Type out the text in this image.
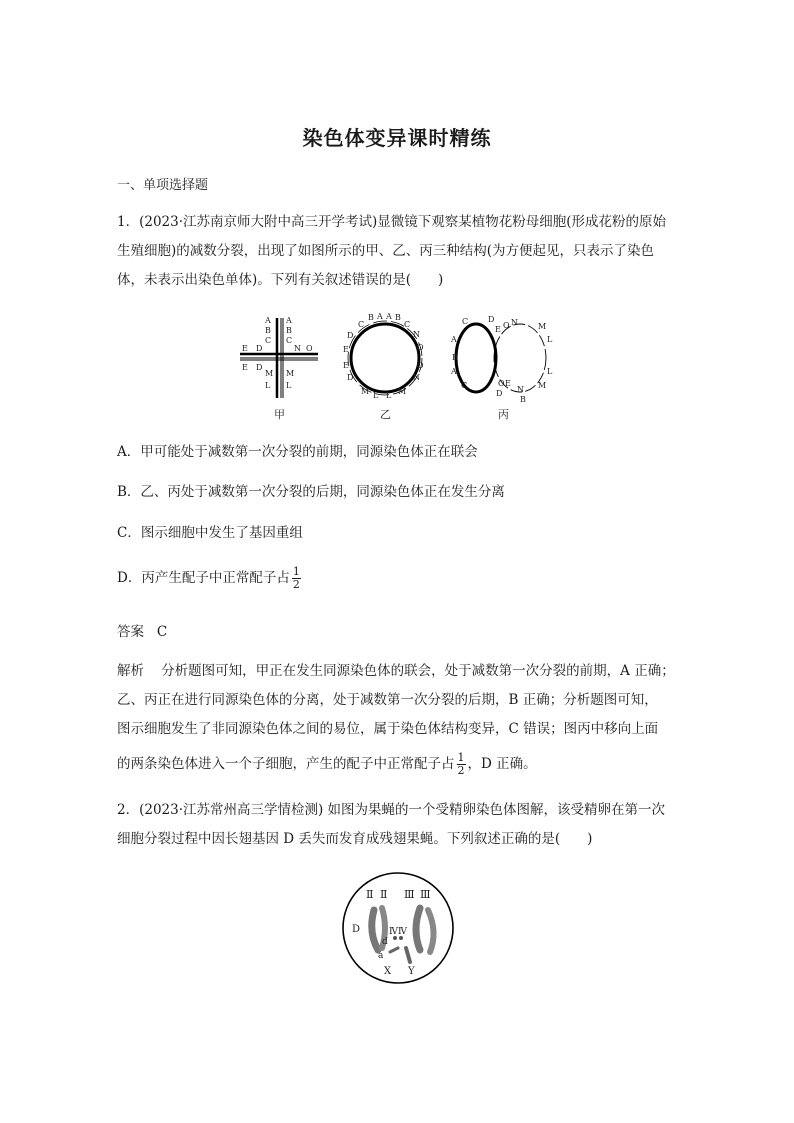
染色体变异课时精练
一、单项选择题

1．(2023·江苏南京师大附中高三开学考试)显微镜下观察某植物花粉母细胞(形成花粉的原始

生殖细胞)的减数分裂，出现了如图所示的甲、乙、丙三种结构(为方便起见，只表示了染色

体，未表示出染色单体)。下列有关叙述错误的是(　　)

A A
B B
C C
E D	N O
E D
M M
L L
甲
B A A B
C	C
D	N
E	O
E	O
D	N
M L L M
乙
C D
A
B
A
C
E O N	M
L
L
M
O E
N
D
B
丙
A．甲可能处于减数第一次分裂的前期，同源染色体正在联会
B．乙、丙处于减数第一次分裂的后期，同源染色体正在发生分离
C．图示细胞中发生了基因重组
D．丙产生配子中正常配子占 $\frac{1}{2}$
答案 C

解析 分析题图可知，甲正在发生同源染色体的联会，处于减数第一次分裂的前期，A 正确；

乙、丙正在进行同源染色体的分离，处于减数第一次分裂的后期，B 正确；分析题图可知，

图示细胞发生了非同源染色体之间的易位，属于染色体结构变异，C 错误；图丙中移向上面

的两条染色体进入一个子细胞，产生的配子中正常配子占 $\frac{1}{2}$ ，D 正确。

2．(2023·江苏常州高三学情检测) 如图为果蝇的一个受精卵染色体图解，该受精卵在第一次

细胞分裂过程中因长翅基因 D 丢失而发育成残翅果蝇。下列叙述正确的是(　　)

Ⅱ Ⅱ Ⅲ Ⅲ
D	Ⅳ Ⅳ
d
a
X Y
